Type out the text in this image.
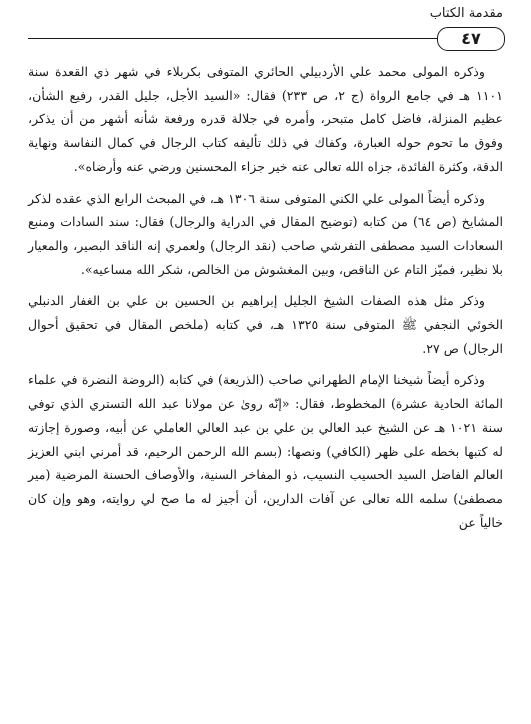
مقدمة الكتاب
٤٧

وذكره المولى محمد علي الأردبيلي الحائري المتوفى بكربلاء في شهر ذي القعدة سنة ١١٠١ هـ في جامع الرواة (ج ٢، ص ٢٣٣) فقال: «السيد الأجل، جليل القدر، رفيع الشأن، عظيم المنزلة، فاضل كامل متبحر، وأمره في جلالة قدره ورفعة شأنه أشهر من أن يذكر، وفوق ما تحوم حوله العبارة، وكفاك في ذلك تأليفه كتاب الرجال في كمال النفاسة ونهاية الدقة، وكثرة الفائدة، جزاه الله تعالى عنه خير جزاء المحسنين ورضي عنه وأرضاه».

وذكره أيضاً المولى علي الكني المتوفى سنة ١٣٠٦ هـ، في المبحث الرابع الذي عقده لذكر المشايخ (ص ٦٤) من كتابه (توضيح المقال في الدراية والرجال) فقال: سند السادات ومنبع السعادات السيد مصطفى التفرشي صاحب (نقد الرجال) ولعمري إنه الناقد البصير، والمعيار بلا نظير، فميّز التام عن الناقص، وبين المغشوش من الخالص، شكر الله مساعيه».

وذكر مثل هذه الصفات الشيخ الجليل إبراهيم بن الحسين بن علي بن الغفار الدنبلي الخوئي النجفي ﷺ المتوفى سنة ١٣٢٥ هـ، في كتابه (ملخص المقال في تحقيق أحوال الرجال) ص ٢٧.

وذكره أيضاً شيخنا الإمام الطهراني صاحب (الذريعة) في كتابه (الروضة النضرة في علماء المائة الحادية عشرة) المخطوط، فقال: «إنّه روىٰ عن مولانا عبد الله التستري الذي توفي سنة ١٠٢١ هـ عن الشيخ عبد العالي بن علي بن عبد العالي العاملي عن أبيه، وصورة إجازته له كتبها بخطه على ظهر (الكافي) ونصها: (بسم الله الرحمن الرحيم، قد أمرني ابني العزيز العالم الفاضل السيد الحسيب النسيب، ذو المفاخر السنية، والأوصاف الحسنة المرضية (مير مصطفىٰ) سلمه الله تعالى عن آفات الدارين، أن أجيز له ما صح لي روايته، وهو وإن كان خالياً عن
